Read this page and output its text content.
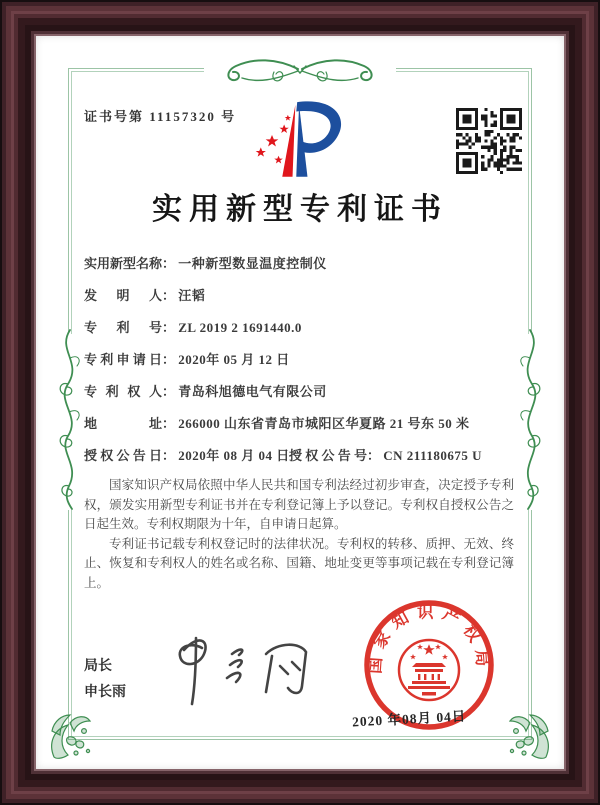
证书号第 11157320 号
实用新型专利证书
实用新型名称： 一种新型数显温度控制仪
发明人： 汪韬
专利号： ZL 2019 2 1691440.0
专利申请日： 2020年 05 月 12 日
专利权人： 青岛科旭德电气有限公司
地址： 266000 山东省青岛市城阳区华夏路 21 号东 50 米
授权公告日： 2020年 08 月 04 日 授权公告号： CN 211180675 U

国家知识产权局依照中华人民共和国专利法经过初步审查，决定授予专利权，颁发实用新型专利证书并在专利登记簿上予以登记。专利权自授权公告之日起生效。专利权期限为十年，自申请日起算。

专利证书记载专利权登记时的法律状况。专利权的转移、质押、无效、终止、恢复和专利权人的姓名或名称、国籍、地址变更等事项记载在专利登记簿上。

局长
申长雨
国家知识产权局
2020 年08月 04日
